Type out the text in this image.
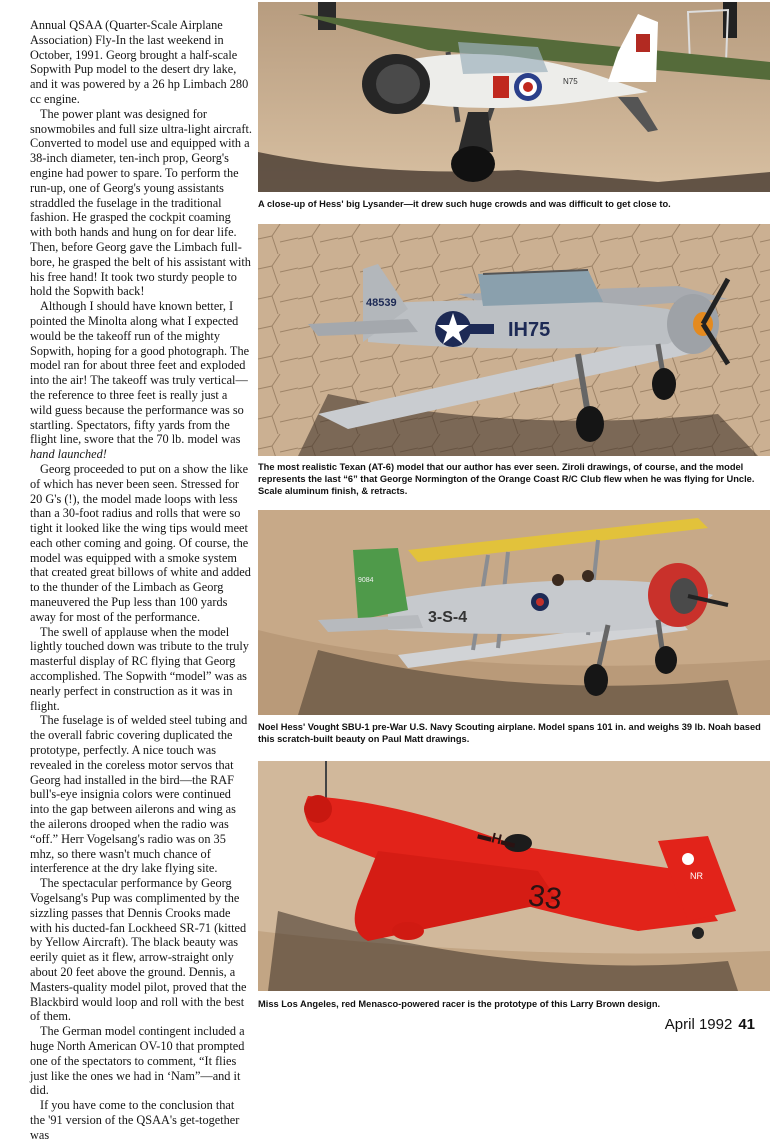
Annual QSAA (Quarter-Scale Airplane Association) Fly-In the last weekend in October, 1991. Georg brought a half-scale Sopwith Pup model to the desert dry lake, and it was powered by a 26 hp Limbach 280 cc engine.

The power plant was designed for snowmobiles and full size ultra-light aircraft. Converted to model use and equipped with a 38-inch diameter, ten-inch prop, Georg's engine had power to spare. To perform the run-up, one of Georg's young assistants straddled the fuselage in the traditional fashion. He grasped the cockpit coaming with both hands and hung on for dear life. Then, before Georg gave the Limbach full-bore, he grasped the belt of his assistant with his free hand! It took two sturdy people to hold the Sopwith back!

Although I should have known better, I pointed the Minolta along what I expected would be the takeoff run of the mighty Sopwith, hoping for a good photograph. The model ran for about three feet and exploded into the air! The takeoff was truly vertical—the reference to three feet is really just a wild guess because the performance was so startling. Spectators, fifty yards from the flight line, swore that the 70 lb. model was hand launched!

Georg proceeded to put on a show the like of which has never been seen. Stressed for 20 G's (!), the model made loops with less than a 30-foot radius and rolls that were so tight it looked like the wing tips would meet each other coming and going. Of course, the model was equipped with a smoke system that created great billows of white and added to the thunder of the Limbach as Georg maneuvered the Pup less than 100 yards away for most of the performance.

The swell of applause when the model lightly touched down was tribute to the truly masterful display of RC flying that Georg accomplished. The Sopwith “model” was as nearly perfect in construction as it was in flight.

The fuselage is of welded steel tubing and the overall fabric covering duplicated the prototype, perfectly. A nice touch was revealed in the coreless motor servos that Georg had installed in the bird—the RAF bull's-eye insignia colors were continued into the gap between ailerons and wing as the ailerons drooped when the radio was “off.” Herr Vogelsang's radio was on 35 mhz, so there wasn't much chance of interference at the dry lake flying site.

The spectacular performance by Georg Vogelsang's Pup was complimented by the sizzling passes that Dennis Crooks made with his ducted-fan Lockheed SR-71 (kitted by Yellow Aircraft). The black beauty was eerily quiet as it flew, arrow-straight only about 20 feet above the ground. Dennis, a Masters-quality model pilot, proved that the Blackbird would loop and roll with the best of them.

The German model contingent included a huge North American OV-10 that prompted one of the spectators to comment, “It flies just like the ones we had in ‘Nam”—and it did.

If you have come to the conclusion that the '91 version of the QSAA's get-together was

N75
A close-up of Hess' big Lysander—it drew such huge crowds and was difficult to get close to.
48539
IH75
The most realistic Texan (AT-6) model that our author has ever seen. Ziroli drawings, of course, and the model represents the last “6” that George Normington of the Orange Coast R/C Club flew when he was flying for Uncle. Scale aluminum finish, & retracts.
9084
3-S-4
Noel Hess' Vought SBU-1 pre-War U.S. Navy Scouting airplane. Model spans 101 in. and weighs 39 lb. Noah based this scratch-built beauty on Paul Matt drawings.
NR
33
▬H▬
Miss Los Angeles, red Menasco-powered racer is the prototype of this Larry Brown design.
April 1992 41
